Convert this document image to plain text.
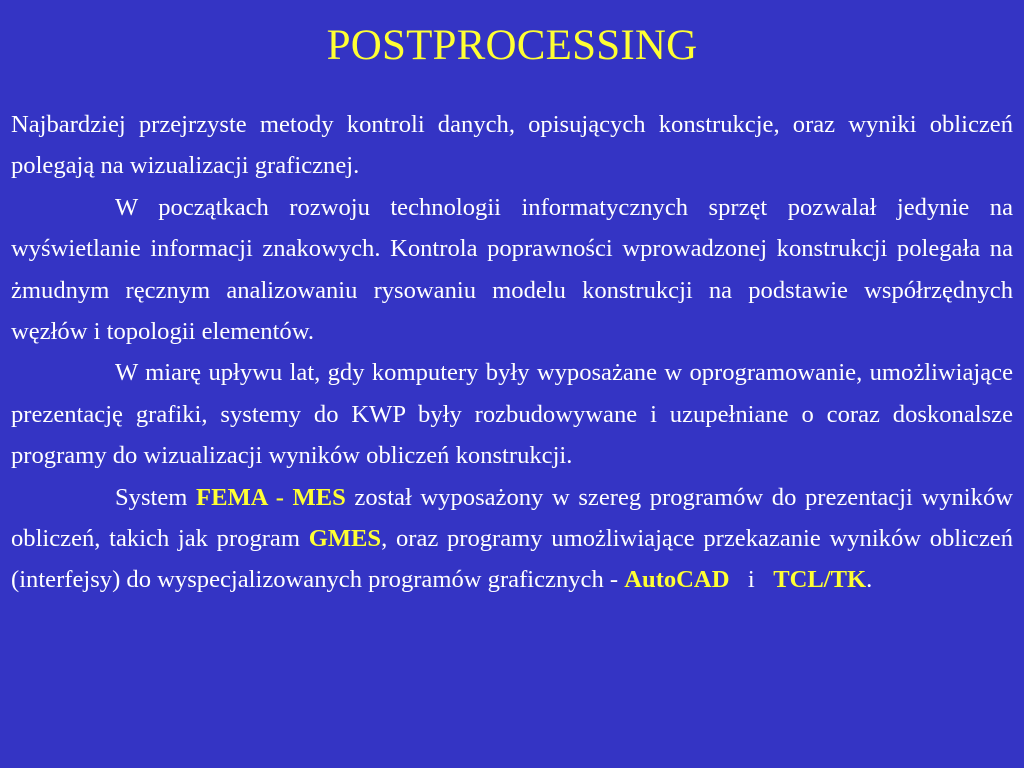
POSTPROCESSING

Najbardziej przejrzyste metody kontroli danych, opisujących konstrukcje, oraz wyniki obliczeń polegają na wizualizacji graficznej.

W początkach rozwoju technologii informatycznych sprzęt pozwalał jedynie na wyświetlanie informacji znakowych. Kontrola poprawności wprowadzonej konstrukcji polegała na żmudnym ręcznym analizowaniu rysowaniu modelu konstrukcji na podstawie współrzędnych węzłów i topologii elementów.

W miarę upływu lat, gdy komputery były wyposażane w oprogramowanie, umożliwiające prezentację grafiki, systemy do KWP były rozbudowywane i uzupełniane o coraz doskonalsze programy do wizualizacji wyników obliczeń konstrukcji.

System FEMA - MES został wyposażony w szereg programów do prezentacji wyników obliczeń, takich jak program GMES, oraz programy umożliwiające przekazanie wyników obliczeń (interfejsy) do wyspecjalizowanych programów graficznych - AutoCAD   i   TCL/TK.
